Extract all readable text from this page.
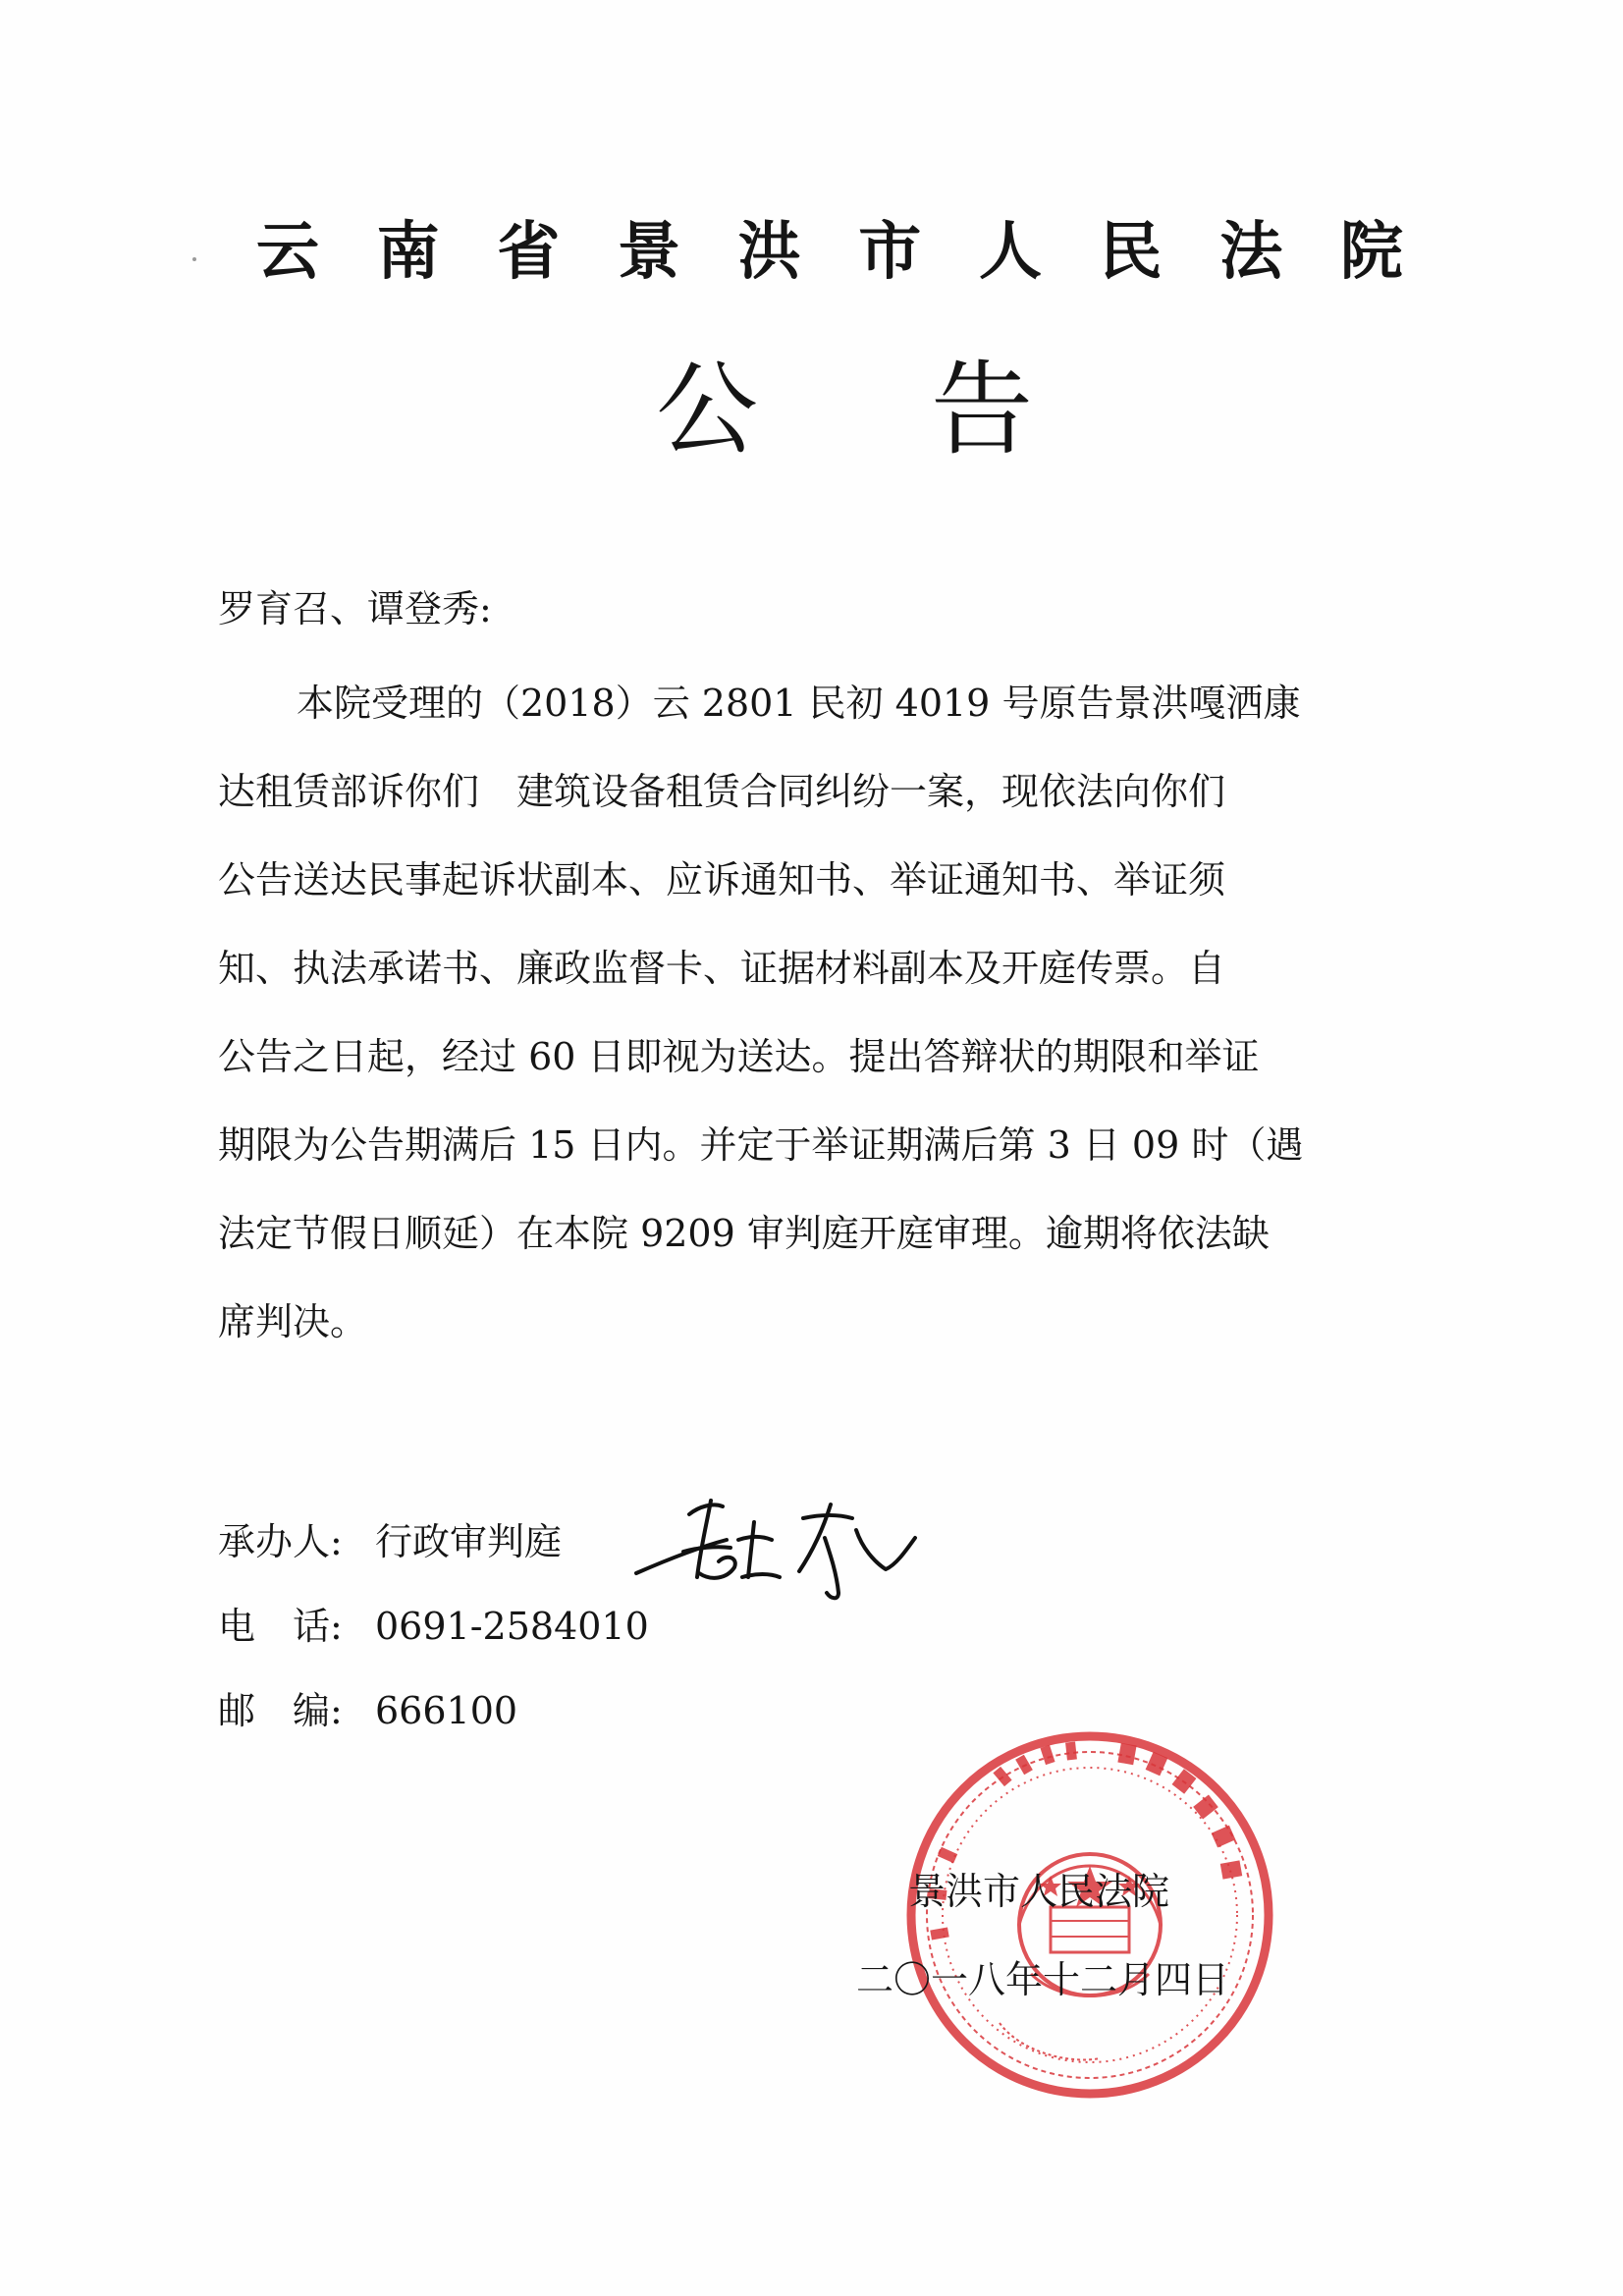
云 南 省 景 洪 市 人 民 法 院
公 告
罗育召、谭登秀:
本院受理的（2018）云 2801 民初 4019 号原告景洪嘎洒康
达租赁部诉你们　建筑设备租赁合同纠纷一案，现依法向你们
公告送达民事起诉状副本、应诉通知书、举证通知书、举证须
知、执法承诺书、廉政监督卡、证据材料副本及开庭传票。自
公告之日起，经过 60 日即视为送达。提出答辩状的期限和举证
期限为公告期满后 15 日内。并定于举证期满后第 3 日 09 时（遇
法定节假日顺延）在本院 9209 审判庭开庭审理。逾期将依法缺
席判决。
承办人: 行政审判庭
电　话: 0691-2584010
邮　编: 666100
景洪市人民法院
二〇一八年十二月四日
